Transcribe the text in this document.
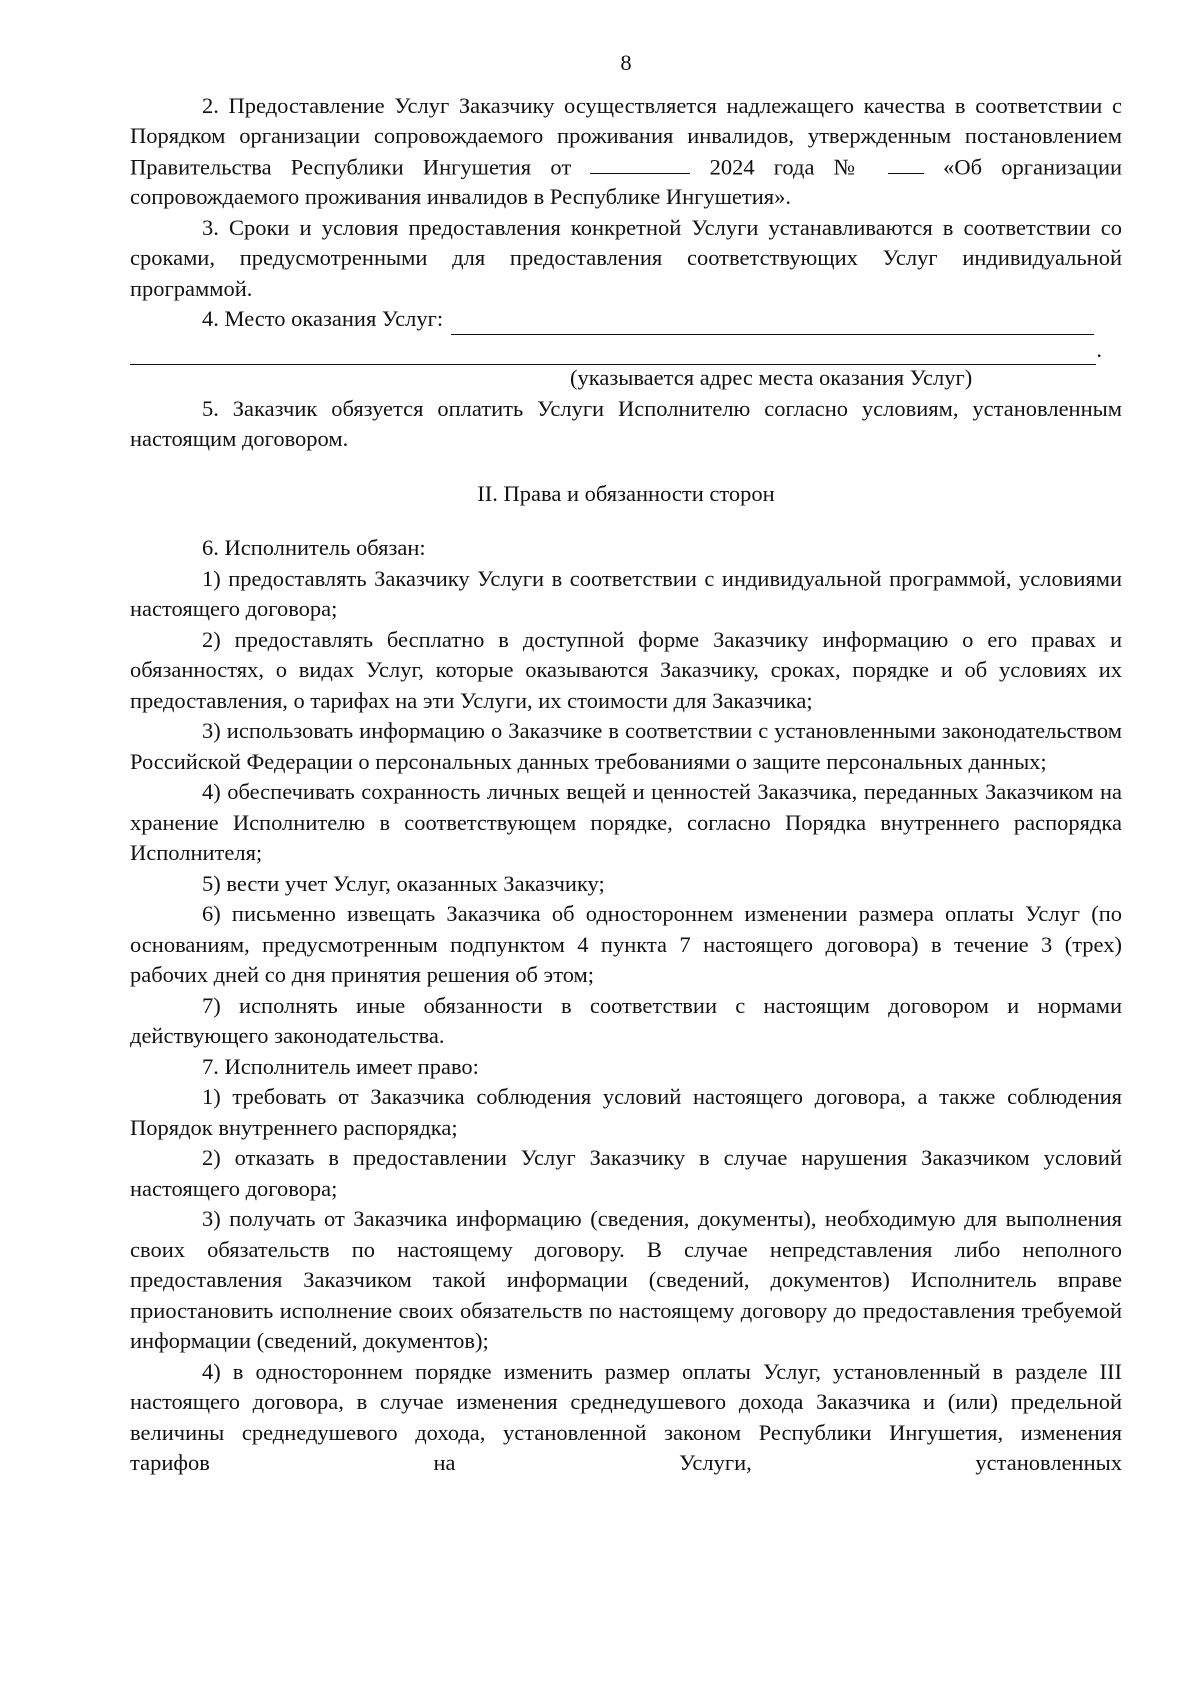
8

2. Предоставление Услуг Заказчику осуществляется надлежащего качества в соответствии с Порядком организации сопровождаемого проживания инвалидов, утвержденным постановлением Правительства Республики Ингушетия от	2024 года №	«Об организации сопровождаемого проживания инвалидов в Республике Ингушетия».

3. Сроки и условия предоставления конкретной Услуги устанавливаются в соответствии со сроками, предусмотренными для предоставления соответствующих Услуг индивидуальной программой.

4. Место оказания Услуг:
.
(указывается адрес места оказания Услуг)

5. Заказчик обязуется оплатить Услуги Исполнителю согласно условиям, установленным настоящим договором.

II. Права и обязанности сторон

6. Исполнитель обязан:

1) предоставлять Заказчику Услуги в соответствии с индивидуальной программой, условиями настоящего договора;

2) предоставлять бесплатно в доступной форме Заказчику информацию о его правах и обязанностях, о видах Услуг, которые оказываются Заказчику, сроках, порядке и об условиях их предоставления, о тарифах на эти Услуги, их стоимости для Заказчика;

3) использовать информацию о Заказчике в соответствии с установленными законодательством Российской Федерации о персональных данных требованиями о защите персональных данных;

4) обеспечивать сохранность личных вещей и ценностей Заказчика, переданных Заказчиком на хранение Исполнителю в соответствующем порядке, согласно Порядка внутреннего распорядка Исполнителя;

5) вести учет Услуг, оказанных Заказчику;

6) письменно извещать Заказчика об одностороннем изменении размера оплаты Услуг (по основаниям, предусмотренным подпунктом 4 пункта 7 настоящего договора) в течение 3 (трех) рабочих дней со дня принятия решения об этом;

7) исполнять иные обязанности в соответствии с настоящим договором и нормами действующего законодательства.

7. Исполнитель имеет право:

1) требовать от Заказчика соблюдения условий настоящего договора, а также соблюдения Порядок внутреннего распорядка;

2) отказать в предоставлении Услуг Заказчику в случае нарушения Заказчиком условий настоящего договора;

3) получать от Заказчика информацию (сведения, документы), необходимую для выполнения своих обязательств по настоящему договору. В случае непредставления либо неполного предоставления Заказчиком такой информации (сведений, документов) Исполнитель вправе приостановить исполнение своих обязательств по настоящему договору до предоставления требуемой информации (сведений, документов);

4) в одностороннем порядке изменить размер оплаты Услуг, установленный в разделе III настоящего договора, в случае изменения среднедушевого дохода Заказчика и (или) предельной величины среднедушевого дохода, установленной законом Республики Ингушетия, изменения тарифов на Услуги, установленных
